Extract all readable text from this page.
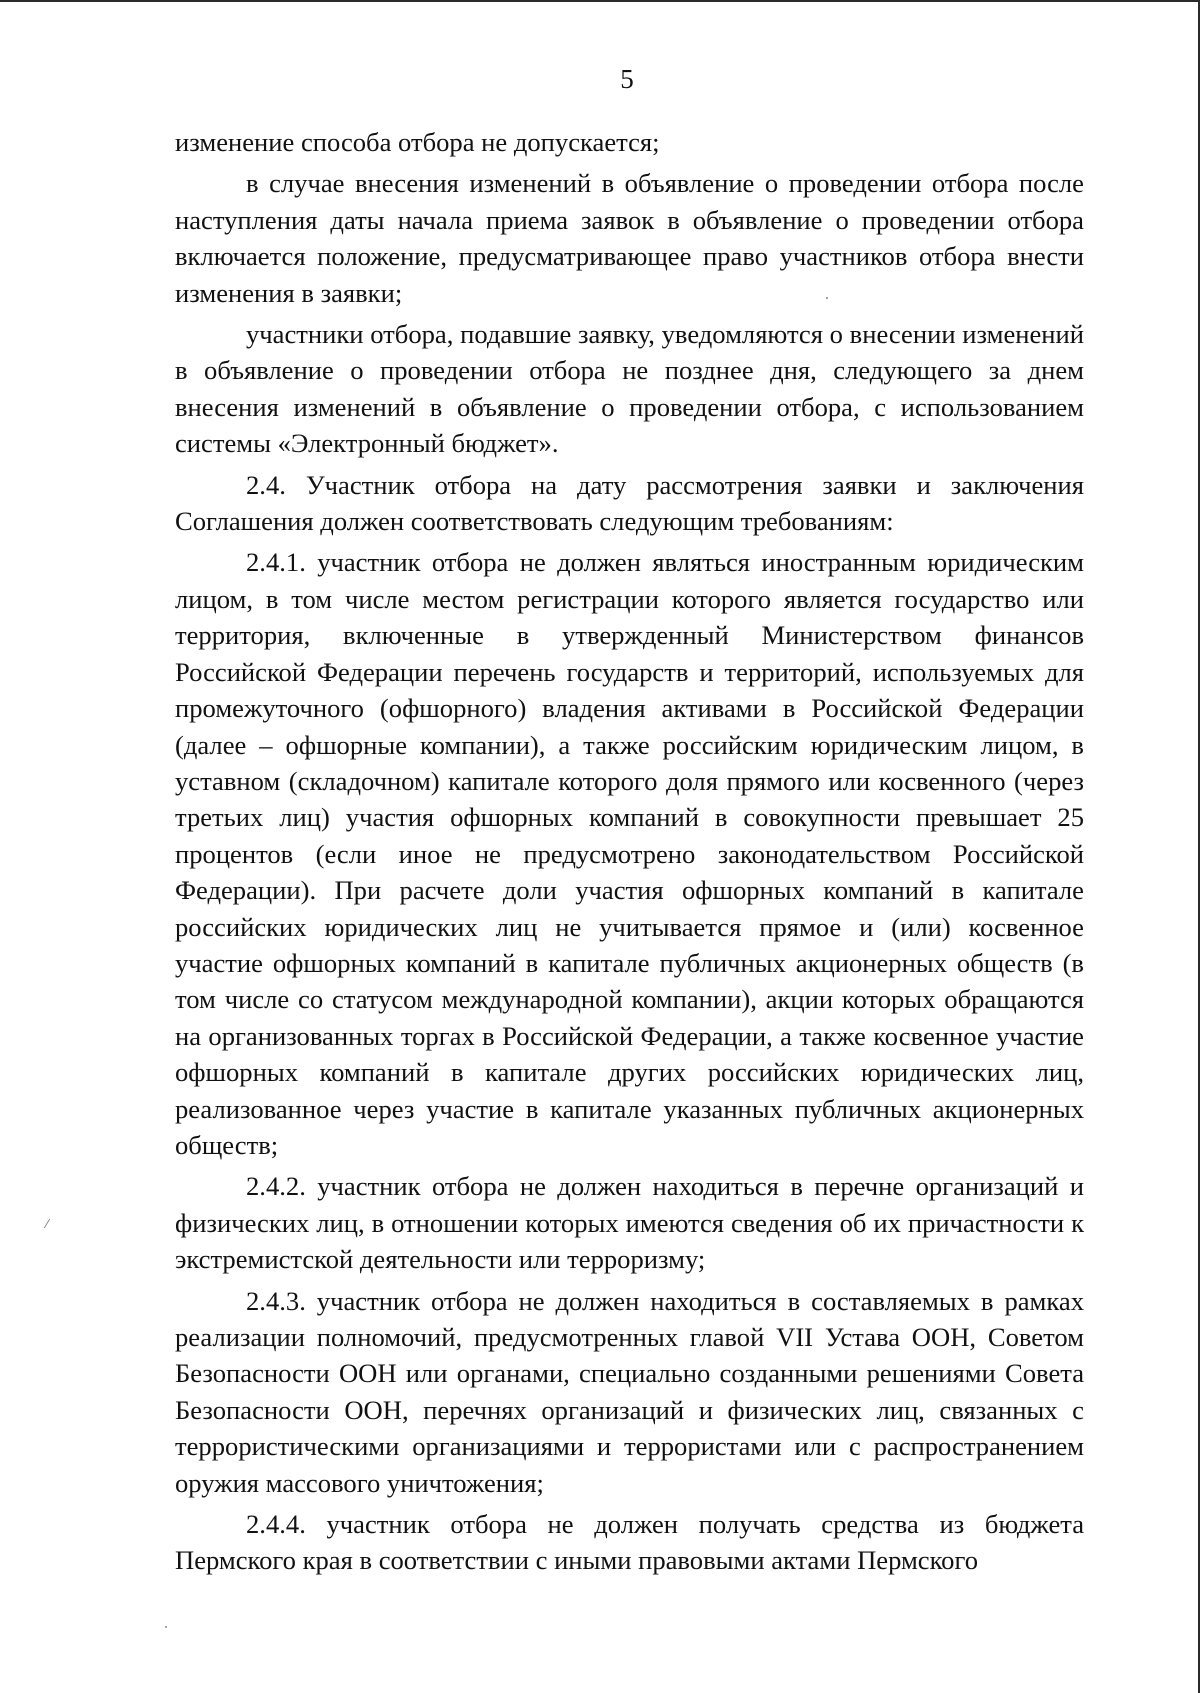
5

изменение способа отбора не допускается;

в случае внесения изменений в объявление о проведении отбора после наступления даты начала приема заявок в объявление о проведении отбора включается положение, предусматривающее право участников отбора внести изменения в заявки;

участники отбора, подавшие заявку, уведомляются о внесении изменений в объявление о проведении отбора не позднее дня, следующего за днем внесения изменений в объявление о проведении отбора, с использованием системы «Электронный бюджет».

2.4. Участник отбора на дату рассмотрения заявки и заключения Соглашения должен соответствовать следующим требованиям:

2.4.1. участник отбора не должен являться иностранным юридическим лицом, в том числе местом регистрации которого является государство или территория, включенные в утвержденный Министерством финансов Российской Федерации перечень государств и территорий, используемых для промежуточного (офшорного) владения активами в Российской Федерации (далее – офшорные компании), а также российским юридическим лицом, в уставном (складочном) капитале которого доля прямого или косвенного (через третьих лиц) участия офшорных компаний в совокупности превышает 25 процентов (если иное не предусмотрено законодательством Российской Федерации). При расчете доли участия офшорных компаний в капитале российских юридических лиц не учитывается прямое и (или) косвенное участие офшорных компаний в капитале публичных акционерных обществ (в том числе со статусом международной компании), акции которых обращаются на организованных торгах в Российской Федерации, а также косвенное участие офшорных компаний в капитале других российских юридических лиц, реализованное через участие в капитале указанных публичных акционерных обществ;

2.4.2. участник отбора не должен находиться в перечне организаций и физических лиц, в отношении которых имеются сведения об их причастности к экстремистской деятельности или терроризму;

2.4.3. участник отбора не должен находиться в составляемых в рамках реализации полномочий, предусмотренных главой VII Устава ООН, Советом Безопасности ООН или органами, специально созданными решениями Совета Безопасности ООН, перечнях организаций и физических лиц, связанных с террористическими организациями и террористами или с распространением оружия массового уничтожения;

2.4.4. участник отбора не должен получать средства из бюджета Пермского края в соответствии с иными правовыми актами Пермского

⁄
